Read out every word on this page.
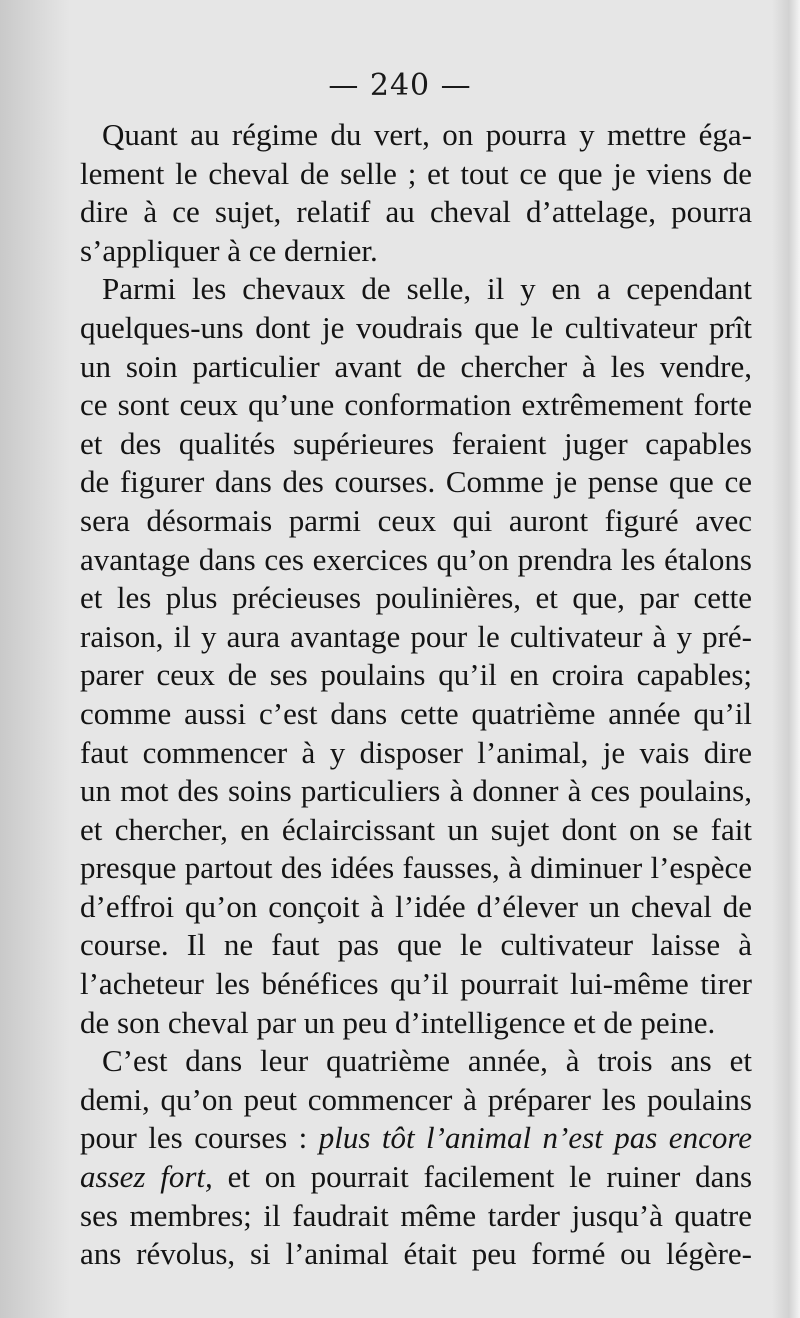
— 240 —
Quant au régime du vert, on pourra y mettre éga-
lement le cheval de selle ; et tout ce que je viens de
dire à ce sujet, relatif au cheval d’attelage, pourra
s’appliquer à ce dernier.
Parmi les chevaux de selle, il y en a cependant
quelques-uns dont je voudrais que le cultivateur prît
un soin particulier avant de chercher à les vendre,
ce sont ceux qu’une conformation extrêmement forte
et des qualités supérieures feraient juger capables
de figurer dans des courses. Comme je pense que ce
sera désormais parmi ceux qui auront figuré avec
avantage dans ces exercices qu’on prendra les étalons
et les plus précieuses poulinières, et que, par cette
raison, il y aura avantage pour le cultivateur à y pré-
parer ceux de ses poulains qu’il en croira capables;
comme aussi c’est dans cette quatrième année qu’il
faut commencer à y disposer l’animal, je vais dire
un mot des soins particuliers à donner à ces poulains,
et chercher, en éclaircissant un sujet dont on se fait
presque partout des idées fausses, à diminuer l’espèce
d’effroi qu’on conçoit à l’idée d’élever un cheval de
course. Il ne faut pas que le cultivateur laisse à
l’acheteur les bénéfices qu’il pourrait lui-même tirer
de son cheval par un peu d’intelligence et de peine.
C’est dans leur quatrième année, à trois ans et
demi, qu’on peut commencer à préparer les poulains
pour les courses : plus tôt l’animal n’est pas encore
assez fort, et on pourrait facilement le ruiner dans
ses membres; il faudrait même tarder jusqu’à quatre
ans révolus, si l’animal était peu formé ou légère-
